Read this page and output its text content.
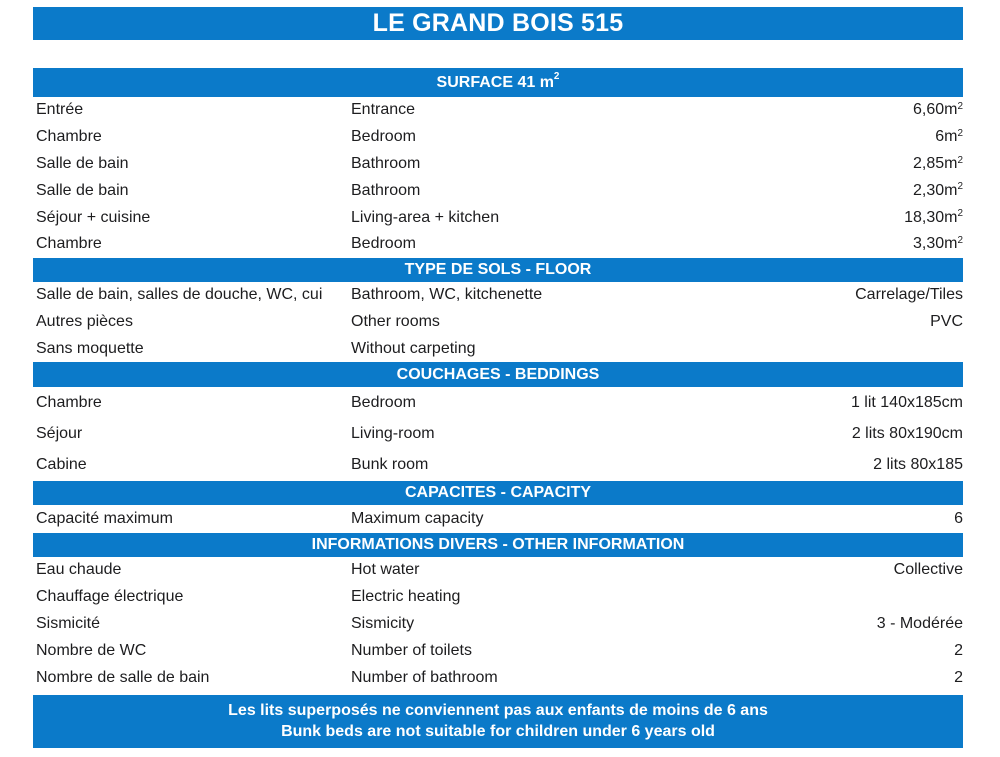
LE GRAND BOIS 515
SURFACE 41 $m^2$
Entrée	Entrance	$6,60m^2$
Chambre	Bedroom	$6m^2$
Salle de bain	Bathroom	$2,85m^2$
Salle de bain	Bathroom	$2,30m^2$
Séjour + cuisine	Living-area + kitchen	$18,30m^2$
Chambre	Bedroom	$3,30m^2$
TYPE DE SOLS - FLOOR
Salle de bain, salles de douche, WC, cui	Bathroom, WC, kitchenette	Carrelage/Tiles
Autres pièces	Other rooms	PVC
Sans moquette	Without carpeting
COUCHAGES - BEDDINGS
Chambre	Bedroom	1 lit 140x185cm
Séjour	Living-room	2 lits 80x190cm
Cabine	Bunk room	2 lits 80x185
CAPACITES - CAPACITY
Capacité maximum	Maximum capacity	6
INFORMATIONS DIVERS - OTHER INFORMATION
Eau chaude	Hot water	Collective
Chauffage électrique	Electric heating
Sismicité	Sismicity	3 - Modérée
Nombre de WC	Number of toilets	2
Nombre de salle de bain	Number of bathroom	2
Les lits superposés ne conviennent pas aux enfants de moins de 6 ans
Bunk beds are not suitable for children under 6 years old
